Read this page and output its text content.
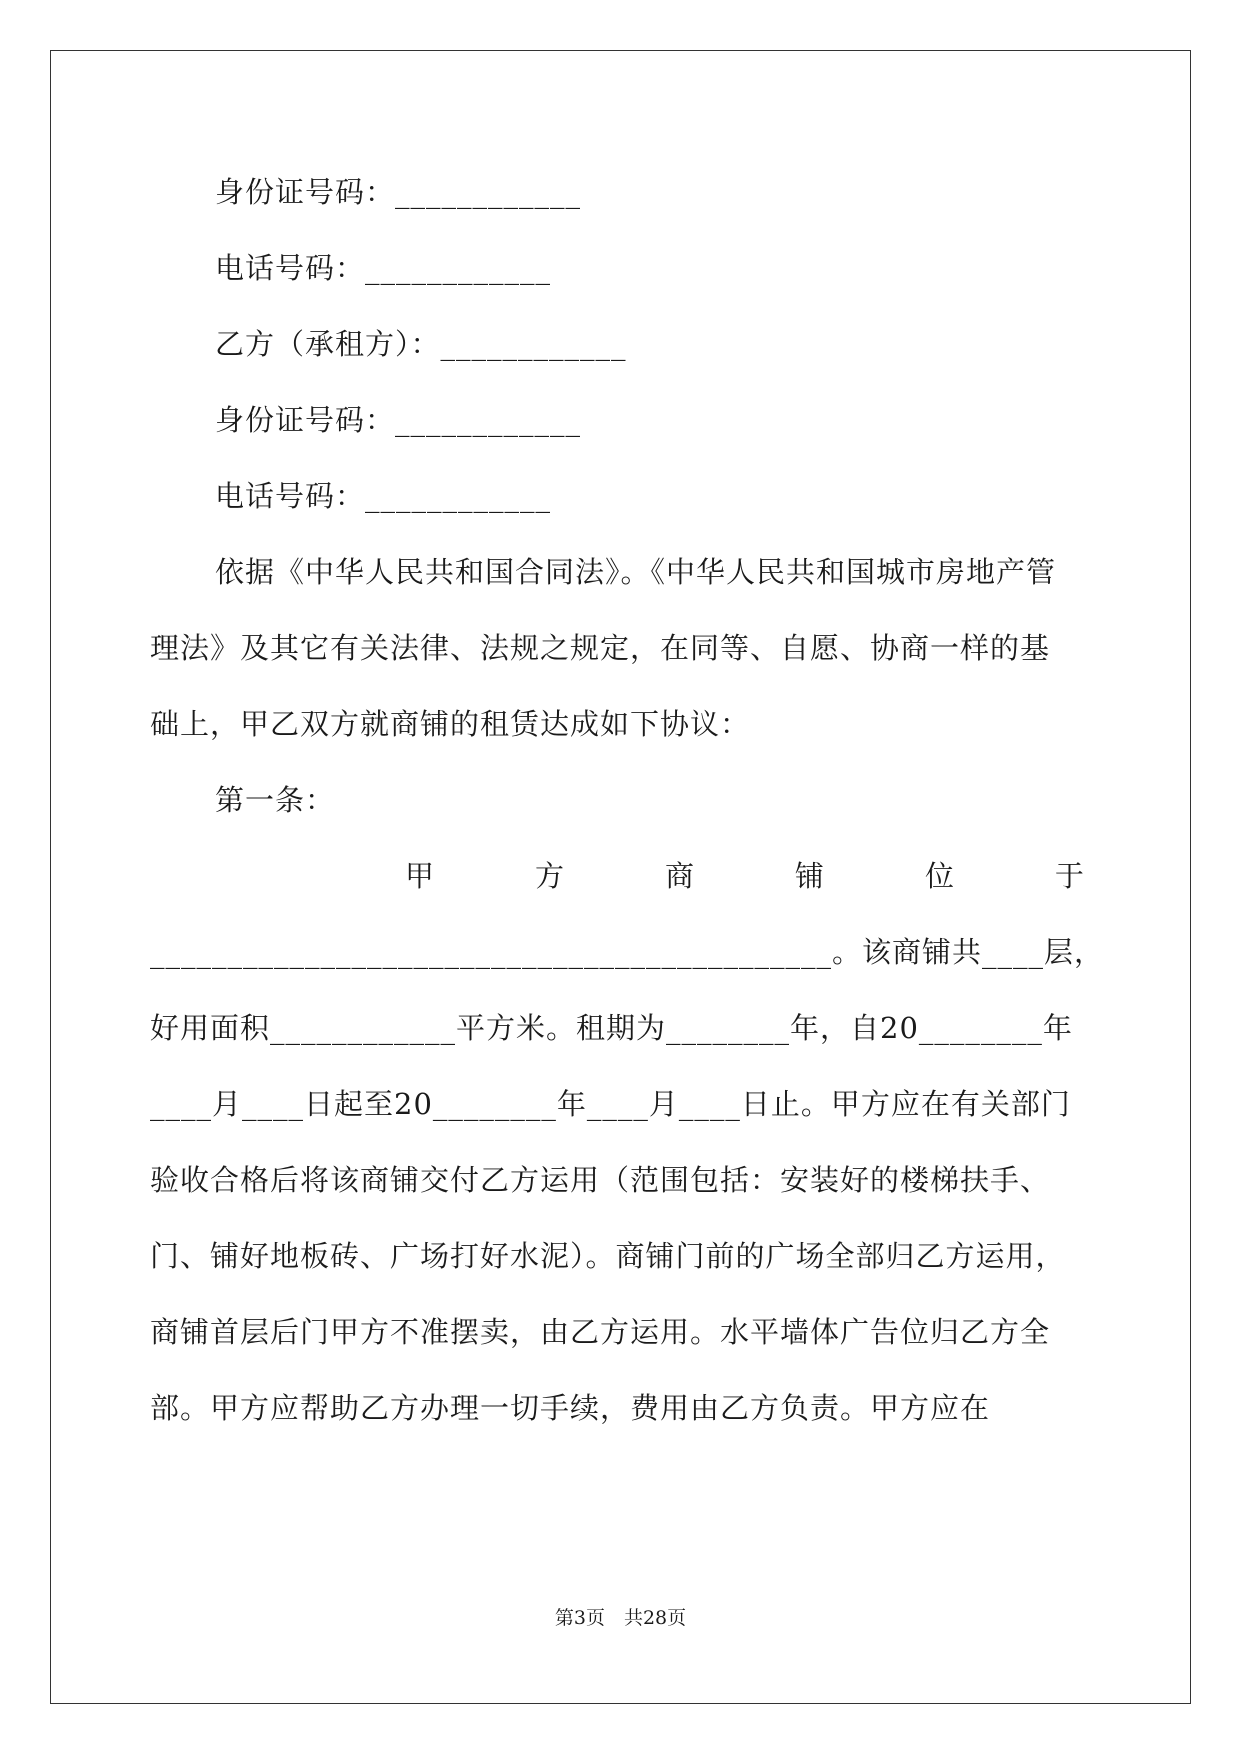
身份证号码：____________
电话号码：____________
乙方（承租方）：____________
身份证号码：____________
电话号码：____________
依据《中华人民共和国合同法》。《中华人民共和国城市房地产管
理法》及其它有关法律、法规之规定，在同等、自愿、协商一样的基
础上，甲乙双方就商铺的租赁达成如下协议：
第一条：
甲	方	商	铺	位	于
____________________________________________。该商铺共____层，
好用面积____________平方米。租期为________年，自20________年
____月____日起至20________年____月____日止。甲方应在有关部门
验收合格后将该商铺交付乙方运用（范围包括：安装好的楼梯扶手、
门、铺好地板砖、广场打好水泥）。商铺门前的广场全部归乙方运用，
商铺首层后门甲方不准摆卖，由乙方运用。水平墙体广告位归乙方全
部。甲方应帮助乙方办理一切手续，费用由乙方负责。甲方应在
第3页　共28页
